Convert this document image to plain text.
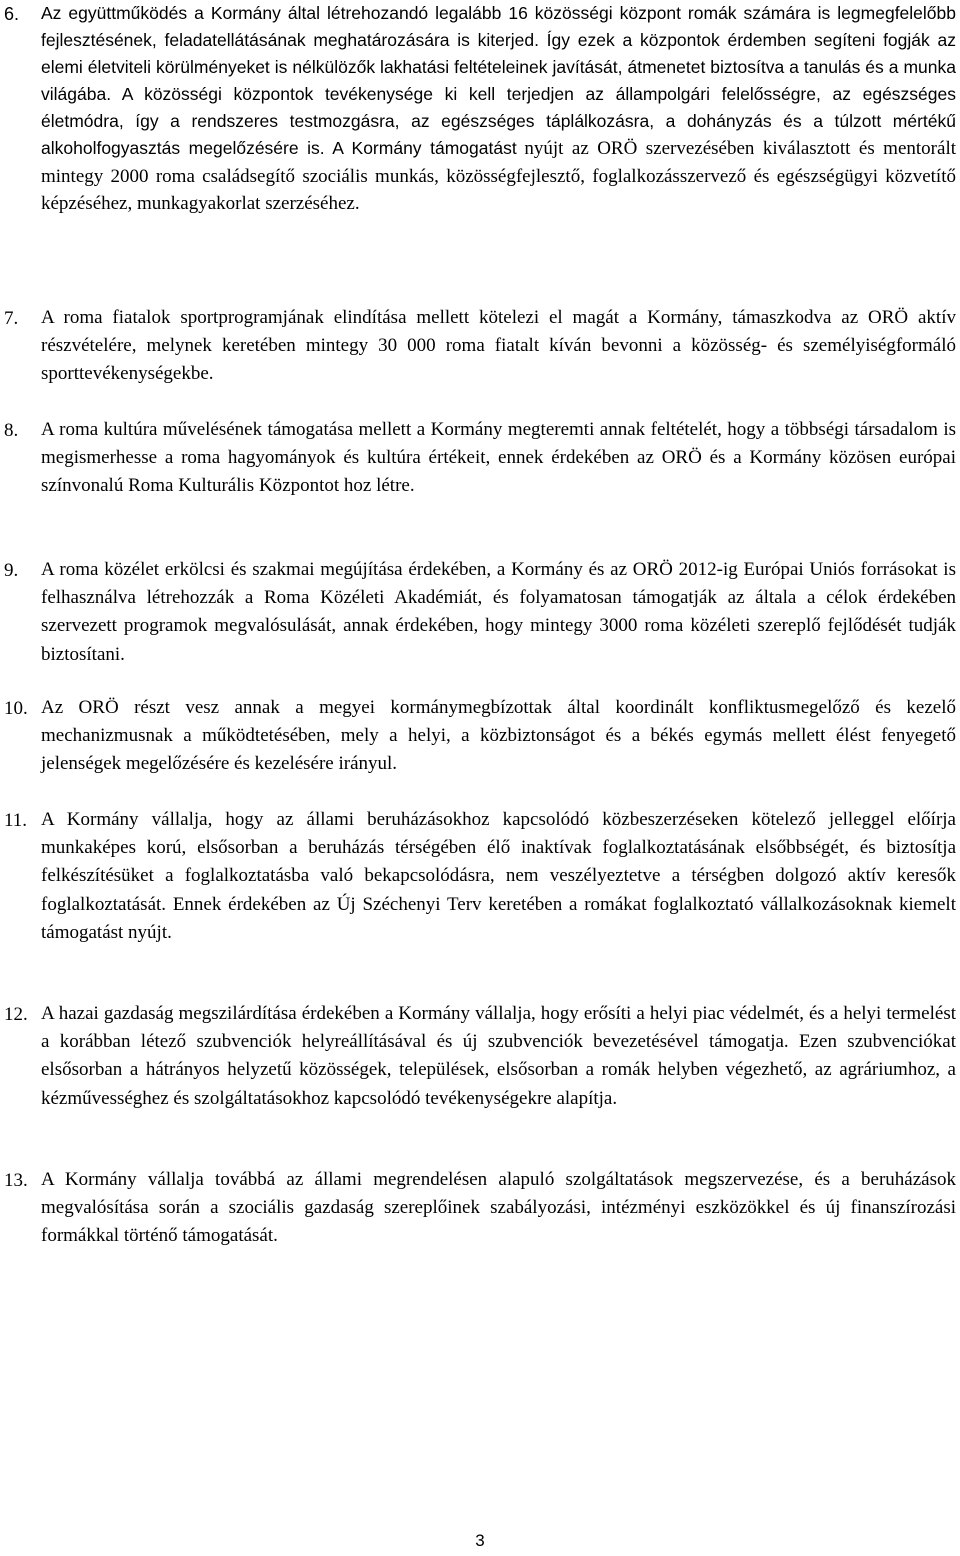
6.	Az együttműködés a Kormány által létrehozandó legalább 16 közösségi központ romák számára is legmegfelelőbb fejlesztésének, feladatellátásának meghatározására is kiterjed. Így ezek a központok érdemben segíteni fogják az elemi életviteli körülményeket is nélkülözők lakhatási feltételeinek javítását, átmenetet biztosítva a tanulás és a munka világába. A közösségi központok tevékenysége ki kell terjedjen az állampolgári felelősségre, az egészséges életmódra, így a rendszeres testmozgásra, az egészséges táplálkozásra, a dohányzás és a túlzott mértékű alkoholfogyasztás megelőzésére is. A Kormány támogatást nyújt az ORÖ szervezésében kiválasztott és mentorált mintegy 2000 roma családsegítő szociális munkás, közösségfejlesztő, foglalkozásszervező és egészségügyi közvetítő képzéséhez, munkagyakorlat szerzéséhez.
7.	A roma fiatalok sportprogramjának elindítása mellett kötelezi el magát a Kormány, támaszkodva az ORÖ aktív részvételére, melynek keretében mintegy 30 000 roma fiatalt kíván bevonni a közösség- és személyiségformáló sporttevékenységekbe.
8.	A roma kultúra művelésének támogatása mellett a Kormány megteremti annak feltételét, hogy a többségi társadalom is megismerhesse a roma hagyományok és kultúra értékeit, ennek érdekében az ORÖ és a Kormány közösen európai színvonalú Roma Kulturális Központot hoz létre.
9.	A roma közélet erkölcsi és szakmai megújítása érdekében, a Kormány és az ORÖ 2012-ig Európai Uniós forrásokat is felhasználva létrehozzák a Roma Közéleti Akadémiát, és folyamatosan támogatják az általa a célok érdekében szervezett programok megvalósulását, annak érdekében, hogy mintegy 3000 roma közéleti szereplő fejlődését tudják biztosítani.
10. Az ORÖ részt vesz annak a megyei kormánymegbízottak által koordinált konfliktusmegelőző és kezelő mechanizmusnak a működtetésében, mely a helyi, a közbiztonságot és a békés egymás mellett élést fenyegető jelenségek megelőzésére és kezelésére irányul.
11. A Kormány vállalja, hogy az állami beruházásokhoz kapcsolódó közbeszerzéseken kötelező jelleggel előírja munkaképes korú, elsősorban a beruházás térségében élő inaktívak foglalkoztatásának elsőbbségét, és biztosítja felkészítésüket a foglalkoztatásba való bekapcsolódásra, nem veszélyeztetve a térségben dolgozó aktív keresők foglalkoztatását. Ennek érdekében az Új Széchenyi Terv keretében a romákat foglalkoztató vállalkozásoknak kiemelt támogatást nyújt.
12. A hazai gazdaság megszilárdítása érdekében a Kormány vállalja, hogy erősíti a helyi piac védelmét, és a helyi termelést a korábban létező szubvenciók helyreállításával és új szubvenciók bevezetésével támogatja. Ezen szubvenciókat elsősorban a hátrányos helyzetű közösségek, települések, elsősorban a romák helyben végezhető, az agráriumhoz, a kézművességhez és szolgáltatásokhoz kapcsolódó tevékenységekre alapítja.
13. A Kormány vállalja továbbá az állami megrendelésen alapuló szolgáltatások megszervezése, és a beruházások megvalósítása során a szociális gazdaság szereplőinek szabályozási, intézményi eszközökkel és új finanszírozási formákkal történő támogatását.
3
